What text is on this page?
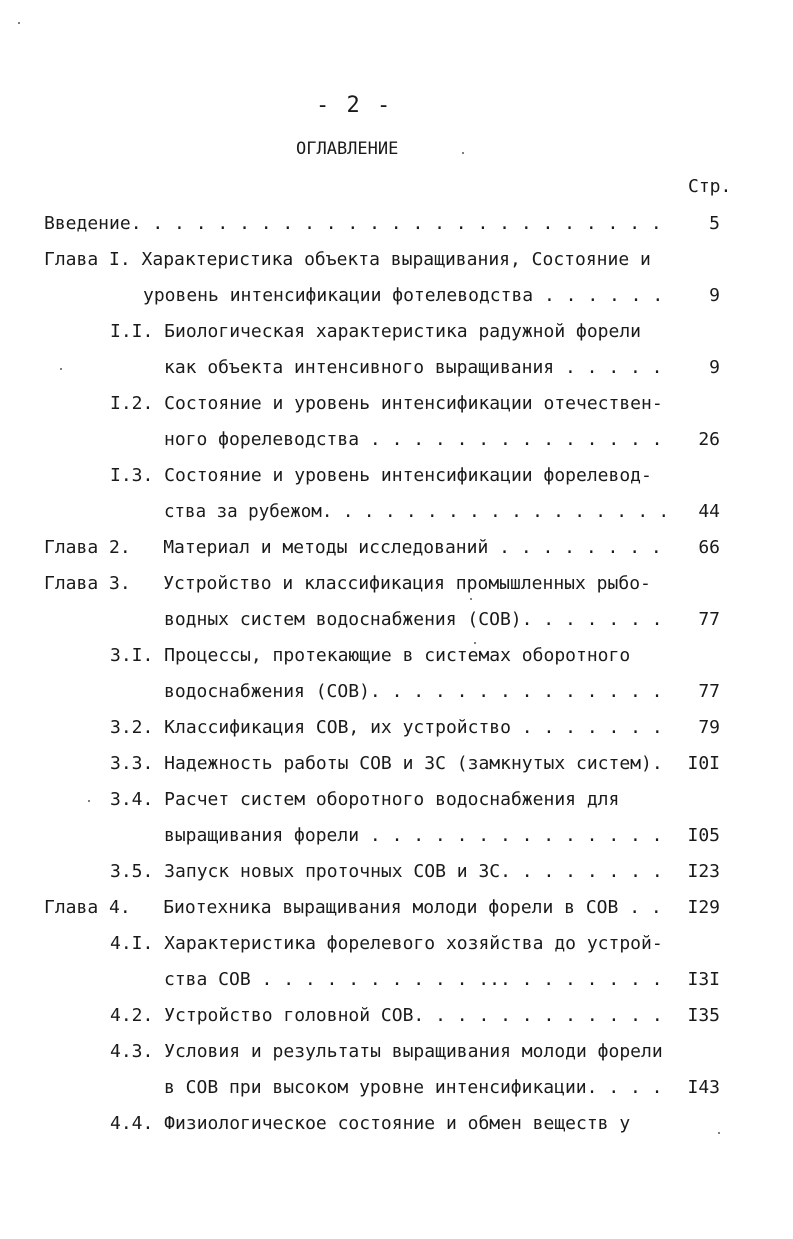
- 2 -
ОГЛАВЛЕНИЕ
Стр.
Введение. . . . . . . . . . . . . . . . . . . . . . . . .	5
Глава I. Характеристика объекта выращивания, Состояние и
уровень интенсификации фотелеводства . . . . . .	9
I.I. Биологическая характеристика радужной форели
как объекта интенсивного выращивания . . . . .	9
I.2. Состояние и уровень интенсификации отечествен-
ного форелеводства . . . . . . . . . . . . . .	26
I.3. Состояние и уровень интенсификации форелевод-
ства за рубежом. . . . . . . . . . . . . . . . .	44
Глава 2.   Материал и методы исследований . . . . . . . .	66
Глава 3.   Устройство и классификация промышленных рыбо-
водных систем водоснабжения (СОВ). . . . . . .	77
3.I. Процессы, протекающие в системах оборотного
водоснабжения (СОВ). . . . . . . . . . . . . .	77
3.2. Классификация СОВ, их устройство . . . . . . .	79
3.3. Надежность работы СОВ и ЗС (замкнутых систем).	I0I
3.4. Расчет систем оборотного водоснабжения для
выращивания форели . . . . . . . . . . . . . .	I05
3.5. Запуск новых проточных СОВ и ЗС. . . . . . . .	I23
Глава 4.   Биотехника выращивания молоди форели в СОВ . .	I29
4.I. Характеристика форелевого хозяйства до устрой-
ства СОВ . . . . . . . . . . ... . . . . . . .	I3I
4.2. Устройство головной СОВ. . . . . . . . . . . .	I35
4.3. Условия и результаты выращивания молоди форели
в СОВ при высоком уровне интенсификации. . . .	I43
4.4. Физиологическое состояние и обмен веществ у
